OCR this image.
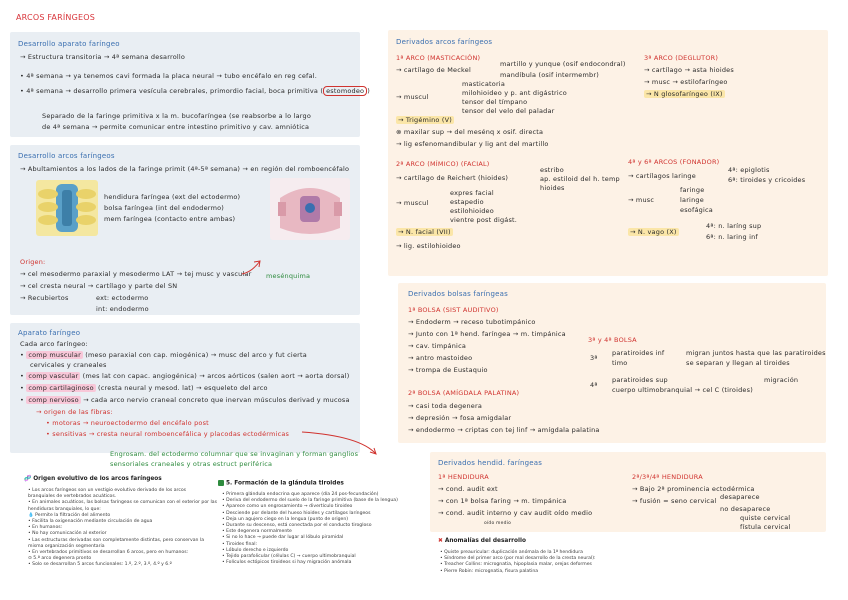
ARCOS FARÍNGEOS
Desarrollo aparato faríngeo
→ Estructura transitoria → 4ª semana desarrollo
• 4ª semana → ya tenemos cavi formada la placa neural → tubo encéfalo en reg cefal.
• 4ª semana → desarrollo primera vesícula cerebrales, primordio facial, boca primitiva ( estomodeo )
Separado de la faringe primitiva x la m. bucofaríngea (se reabsorbe a lo largo
de 4ª semana → permite comunicar entre intestino primitivo y cav. amniótica
Desarrollo arcos faríngeos
→ Abultamientos a los lados de la faringe primit (4ª-5ª semana) → en región del romboencéfalo
hendidura faríngea (ext del ectodermo)
bolsa faríngea (int del endodermo)
mem faríngea (contacto entre ambas)
Origen:
→ cel mesodermo paraxial y mesodermo LAT → tej musc y vascular mesénquima
→ cel cresta neural → cartílago y parte del SN
→ Recubiertos	ext: ectodermo
int: endodermo
Aparato faríngeo
Cada arco faríngeo:
• comp muscular (meso paraxial con cap. miogénica) → musc del arco y fut cierta
cervicales y craneales
• comp vascular (mes lat con capac. angiogénica) → arcos aórticos (salen aort → aorta dorsal)
• comp cartilaginoso (cresta neural y mesod. lat) → esqueleto del arco
• comp nervioso → cada arco nervio craneal concreto que inervan músculos derivad y mucosa
→ origen de las fibras:
• motoras → neuroectodermo del encéfalo post
• sensitivas → cresta neural romboencefálica y placodas ectodérmicas
Engrosam. del ectodermo columnar que se invaginan y forman ganglios
sensoriales craneales y otras estruct periférica
Derivados arcos faríngeos
1ª ARCO (MASTICACIÓN)
→ cartílago de Meckel
martillo y yunque (osif endocondral)
mandíbula (osif intermembr)
→ muscul
masticatoria
milohioideo y p. ant digástrico
tensor del tímpano
tensor del velo del paladar
→ Trigémino (V)
⊗ maxilar sup → del mesénq x osif. directa
→ lig esfenomandibular y lig ant del martillo
3ª ARCO (DEGLUTOR)
→ cartílago → asta hioides
→ musc → estilofaríngeo
→ N glosofaríngeo (IX)
2ª ARCO (MÍMICO) (FACIAL)
→ cartílago de Reichert (hioides)
estribo
ap. estiloid del h. temp
hioides
→ muscul
expres facial
estapedio
estilohioideo
vientre post digást.
→ N. facial (VII)
→ lig. estilohioideo
4ª y 6ª ARCOS (FONADOR)
→ cartílagos laringe
4ª: epiglotis
6ª: tiroides y cricoides
→ musc
faringe
laringe
esofágica
→ N. vago (X)
4ª: n. laríng sup
6ª: n. laring inf
Derivados bolsas faríngeas
1ª BOLSA (SIST AUDITIVO)
→ Endoderm → receso tubotimpánico
→ Junto con 1ª hend. faríngea → m. timpánica
→ cav. timpánica
→ antro mastoideo
→ trompa de Eustaquio
3ª y 4ª BOLSA
3ª
paratiroides inf
timo
migran juntos hasta que las paratiroides
se separan y llegan al tiroides
4ª
paratiroides sup
cuerpo ultimobranquial → cel C (tiroides)
migración
2ª BOLSA (AMÍGDALA PALATINA)
→ casi toda degenera
→ depresión → fosa amigdalar
→ endodermo → criptas con tej linf → amígdala palatina
Derivados hendid. faríngeas
1ª HENDIDURA
→ cond. audit ext
→ con 1ª bolsa faring → m. timpánica
→ cond. audit interno y cav audit oído medio
oído medio
2ª/3ª/4ª HENDIDURA
→ Bajo 2ª prominencia ectodérmica
→ fusión = seno cervical desaparece
no desaparece
quiste cervical
fístula cervical
🧬 Origen evolutivo de los arcos faríngeos
• Los arcos faríngeos son un vestigio evolutivo derivado de los arcos
branquiales de vertebrados acuáticos.
• En animales acuáticos, las bolsas faríngeas se comunican con el exterior por las
hendiduras branquiales, lo que:
💧 Permite la filtración del alimento
• Facilita la oxigenación mediante circulación de agua
• En humanos:
• No hay comunicación al exterior
• Las estructuras derivadas son completamente distintas, pero conservan la
misma organización segmentaria
• En vertebrados primitivos se desarrollan 6 arcos, pero en humanos:
⊙ 5.ª arco degenera pronto
• Solo se desarrollan 5 arcos funcionales: 1.º, 2.º, 3.º, 4.º y 6.º
5. Formación de la glándula tiroides
• Primera glándula endocrina que aparece (día 24 pos-fecundación)
• Deriva del endodermo del suelo de la faringe primitiva (base de la lengua)
• Aparece como un engrosamiento → divertículo tiroideo
• Desciende por delante del hueso hioides y cartílagos laríngeos
• Deja un agujero ciego en la lengua (punto de origen)
• Durante su descenso, está conectada por el conducto tirogloso
• Este degenera normalmente
• Si no lo hace → puede dar lugar al lóbulo piramidal
• Tiroides final:
• Lóbulo derecho e izquierdo
• Tejido parafolicular (células C) → cuerpo ultimobranquial
• Folículos ectópicos tiroideos si hay migración anómala
✖ Anomalías del desarrollo
• Quiste preauricular: duplicación anómala de la 1ª hendidura
• Síndrome del primer arco (por mal desarrollo de la cresta neural):
• Treacher Collins: micrognatia, hipoplasia malar, orejas deformes
• Pierre Robin: micrognatia, fisura palatina
